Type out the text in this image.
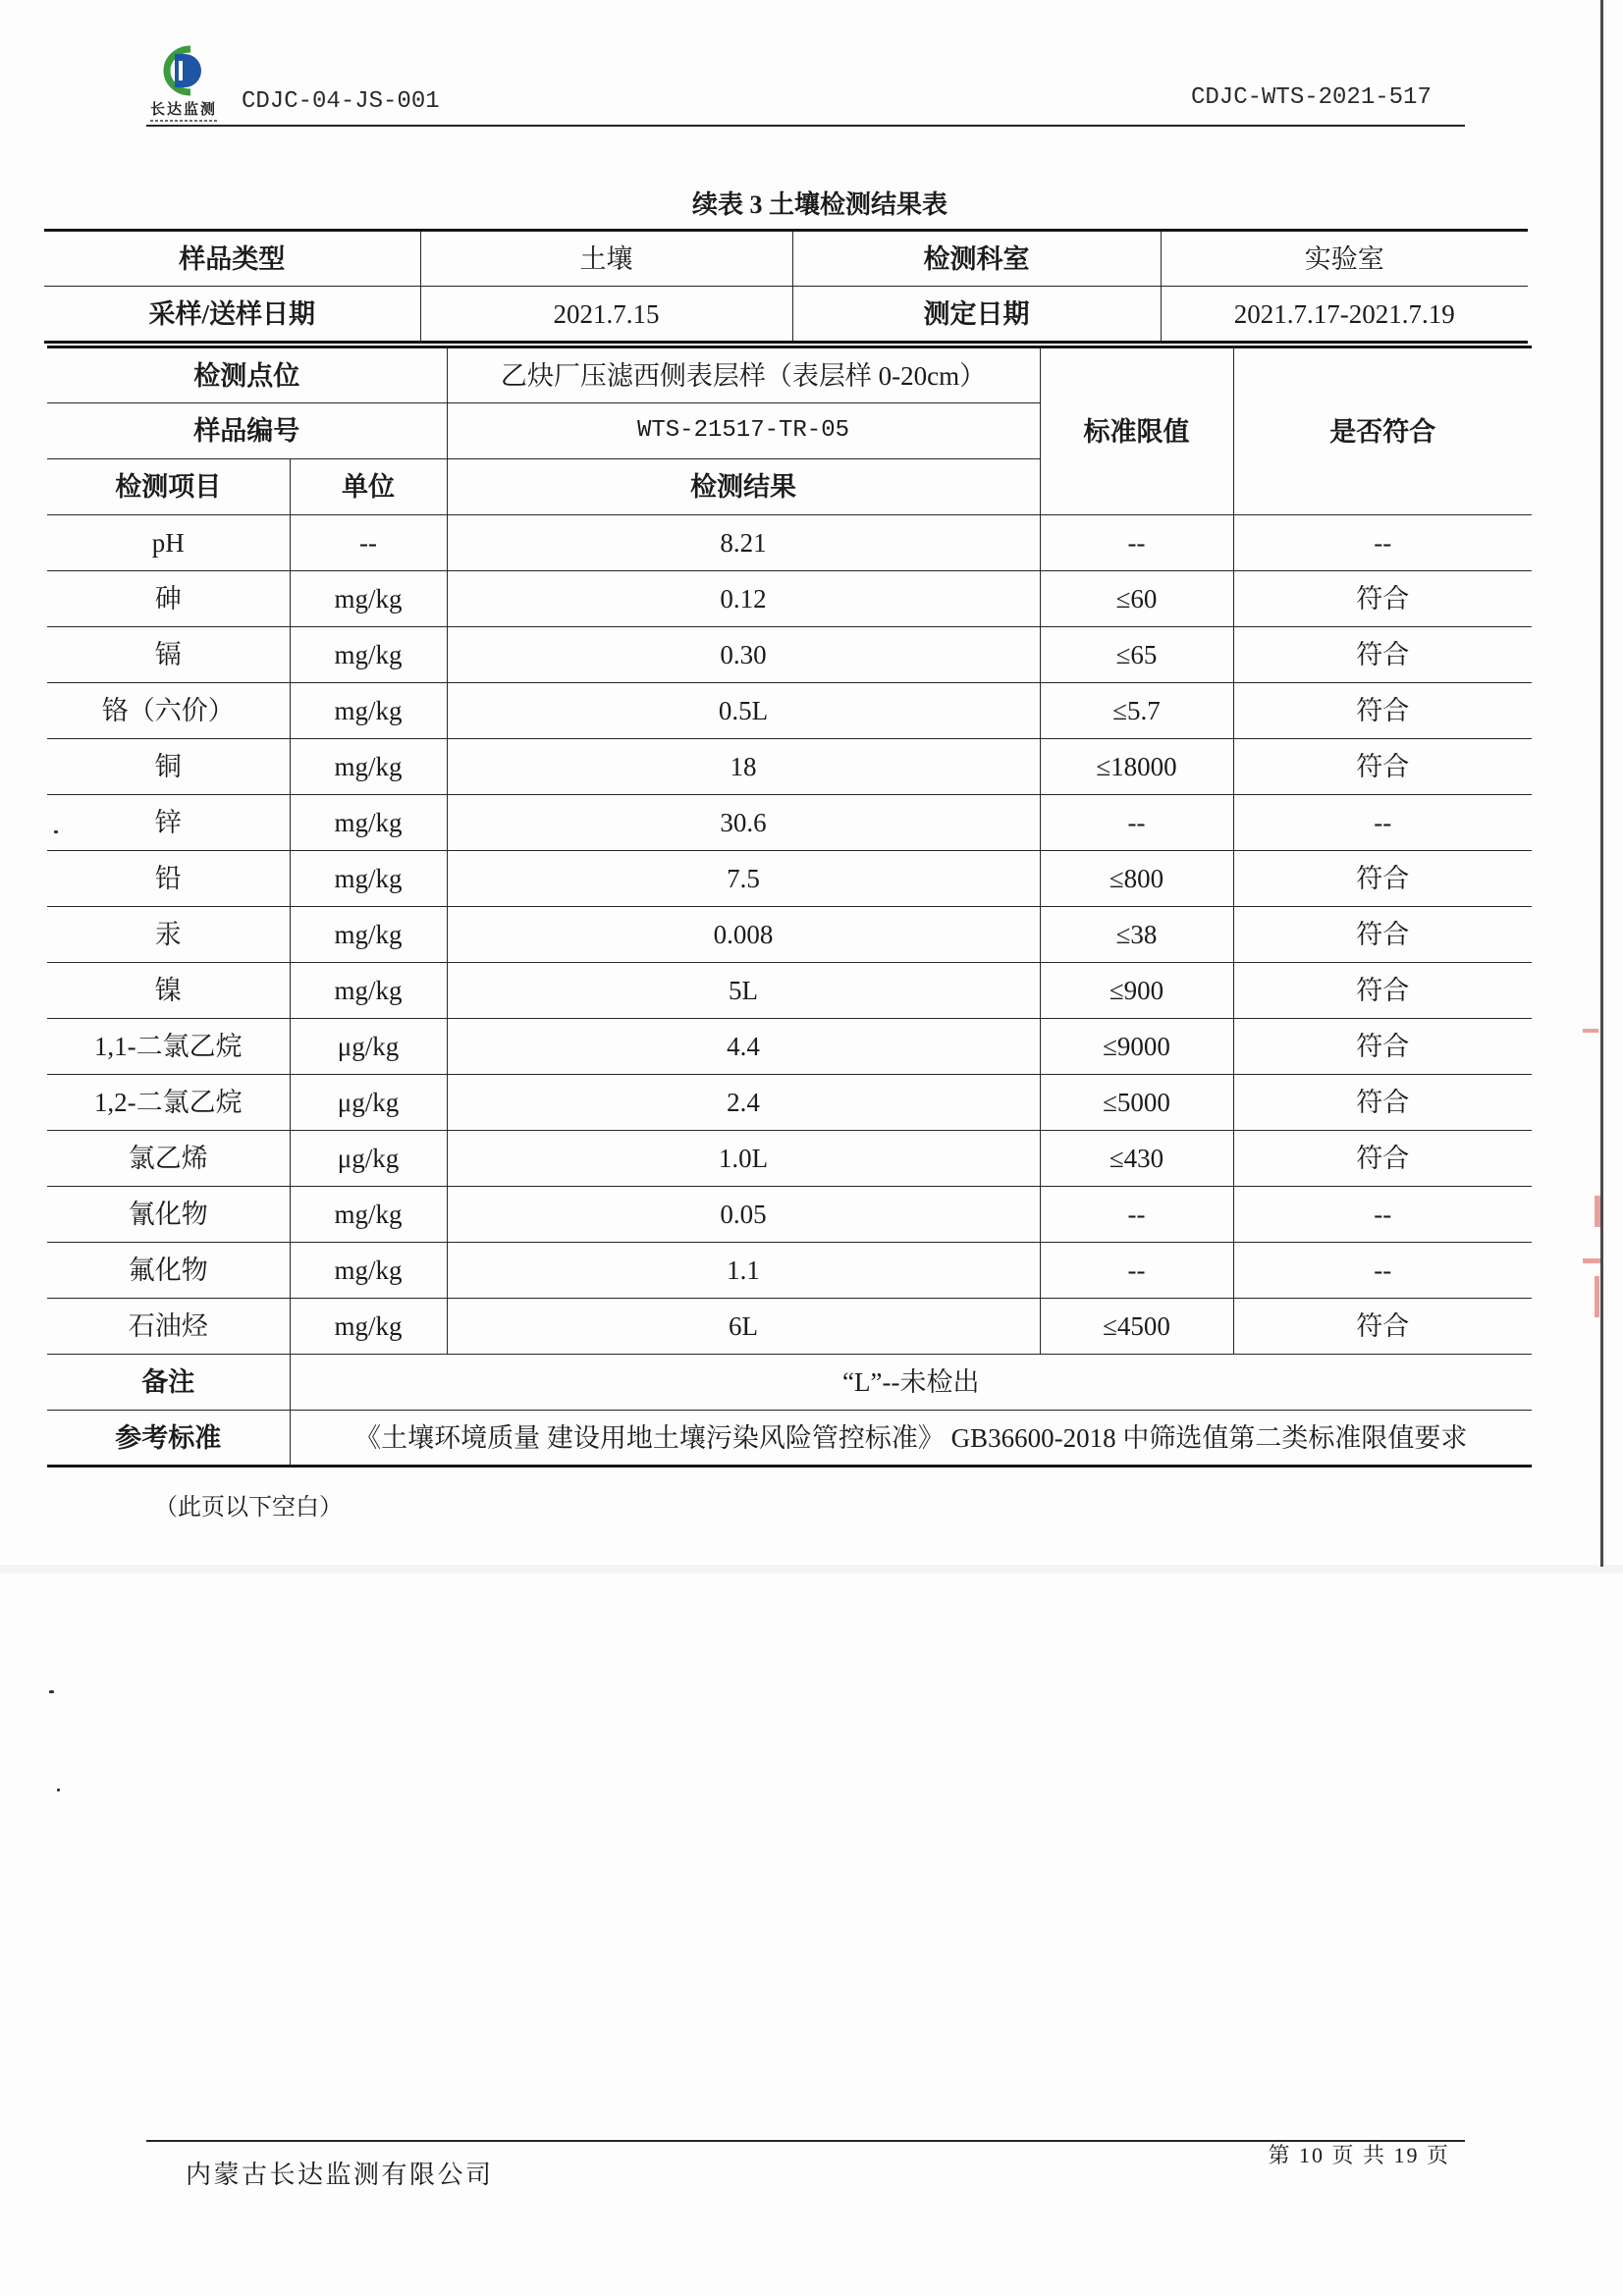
长达监测 CDJC-04-JS-001	CDJC-WTS-2021-517
续表 3 土壤检测结果表
样品类型	土壤	检测科室	实验室
采样/送样日期	2021.7.15	测定日期	2021.7.17-2021.7.19
检测点位		乙炔厂压滤西侧表层样（表层样 0-20cm）	标准限值	是否符合
样品编号		WTS-21517-TR-05		
检测项目	单位	检测结果		
pH	--	8.21	--	--
砷	mg/kg	0.12	≤60	符合
镉	mg/kg	0.30	≤65	符合
铬（六价）	mg/kg	0.5L	≤5.7	符合
铜	mg/kg	18	≤18000	符合
锌	mg/kg	30.6	--	--
铅	mg/kg	7.5	≤800	符合
汞	mg/kg	0.008	≤38	符合
镍	mg/kg	5L	≤900	符合
1,1-二氯乙烷	μg/kg	4.4	≤9000	符合
1,2-二氯乙烷	μg/kg	2.4	≤5000	符合
氯乙烯	μg/kg	1.0L	≤430	符合
氰化物	mg/kg	0.05	--	--
氟化物	mg/kg	1.1	--	--
石油烃	mg/kg	6L	≤4500	符合
备注	“L”--未检出			
参考标准	《土壤环境质量 建设用地土壤污染风险管控标准》 GB36600-2018 中筛选值第二类标准限值要求			
（此页以下空白）
第 10 页 共 19 页
内蒙古长达监测有限公司
